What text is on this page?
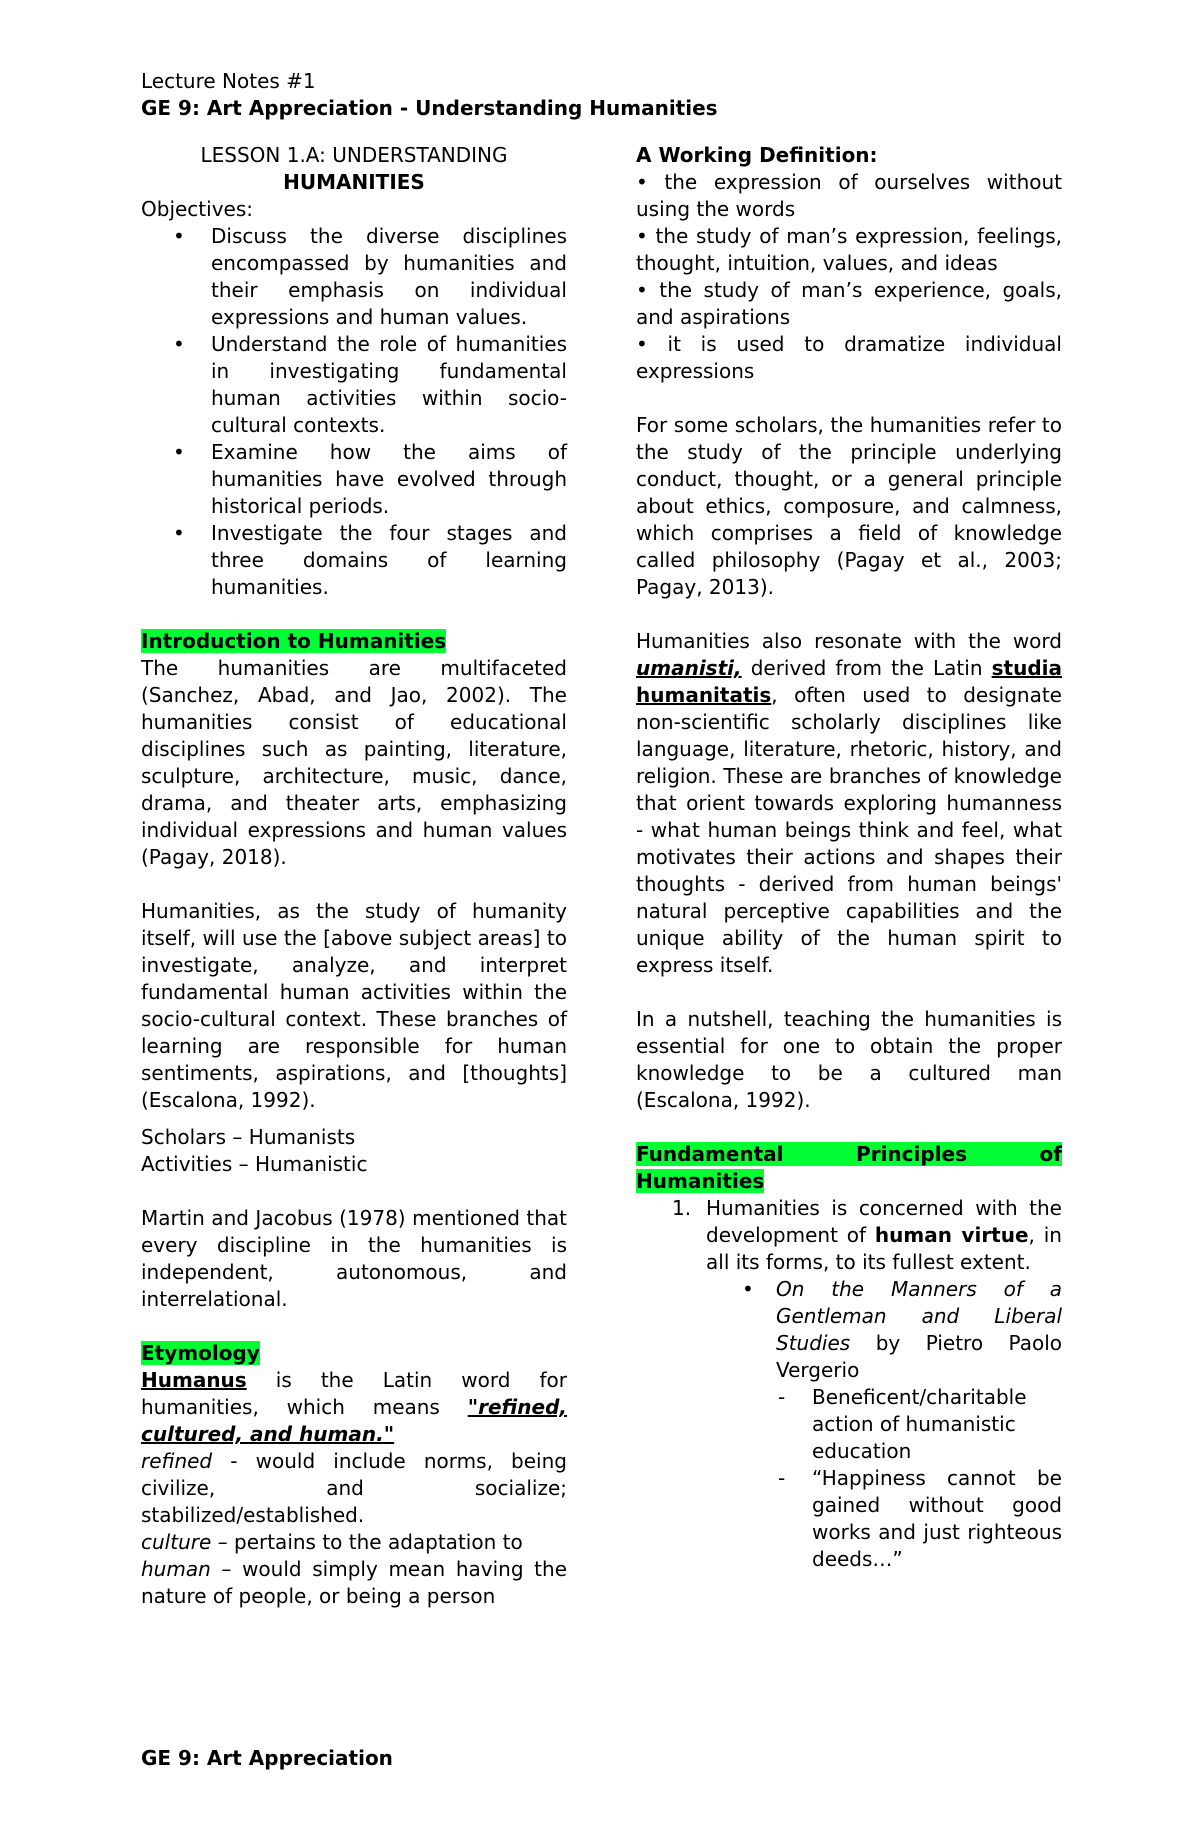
Lecture Notes #1
GE 9: Art Appreciation - Understanding Humanities

LESSON 1.A: UNDERSTANDING
HUMANITIES

Objectives:

• Discuss the diverse disciplines encompassed by humanities and their emphasis on individual expressions and human values.
• Understand the role of humanities in investigating fundamental human activities within socio-cultural contexts.
• Examine how the aims of humanities have evolved through historical periods.
• Investigate the four stages and three domains of learning humanities.

Introduction to Humanities

The humanities are multifaceted (Sanchez, Abad, and Jao, 2002). The humanities consist of educational disciplines such as painting, literature, sculpture, architecture, music, dance, drama, and theater arts, emphasizing individual expressions and human values (Pagay, 2018).

Humanities, as the study of humanity itself, will use the [above subject areas] to investigate, analyze, and interpret fundamental human activities within the socio-cultural context. These branches of learning are responsible for human sentiments, aspirations, and [thoughts] (Escalona, 1992).

Scholars – Humanists

Activities – Humanistic

Martin and Jacobus (1978) mentioned that every discipline in the humanities is independent, autonomous, and interrelational.

Etymology

Humanus is the Latin word for humanities, which means "refined, cultured, and human."

refined - would include norms, being civilize, and socialize; stabilized/established.

culture – pertains to the adaptation to

human – would simply mean having the nature of people, or being a person

A Working Definition:

• the expression of ourselves without using the words

• the study of man’s expression, feelings, thought, intuition, values, and ideas

• the study of man’s experience, goals, and aspirations

• it is used to dramatize individual expressions

For some scholars, the humanities refer to the study of the principle underlying conduct, thought, or a general principle about ethics, composure, and calmness, which comprises a field of knowledge called philosophy (Pagay et al., 2003; Pagay, 2013).

Humanities also resonate with the word umanisti, derived from the Latin studia humanitatis, often used to designate non-scientific scholarly disciplines like language, literature, rhetoric, history, and religion. These are branches of knowledge that orient towards exploring humanness - what human beings think and feel, what motivates their actions and shapes their thoughts - derived from human beings' natural perceptive capabilities and the unique ability of the human spirit to express itself.

In a nutshell, teaching the humanities is essential for one to obtain the proper knowledge to be a cultured man (Escalona, 1992).

Fundamental Principles of Humanities

1. Humanities is concerned with the development of human virtue, in all its forms, to its fullest extent.
• On the Manners of a Gentleman and Liberal Studies by Pietro Paolo Vergerio
- Beneficent/charitable action of humanistic education
- “Happiness cannot be gained without good works and just righteous deeds…”
GE 9: Art Appreciation
